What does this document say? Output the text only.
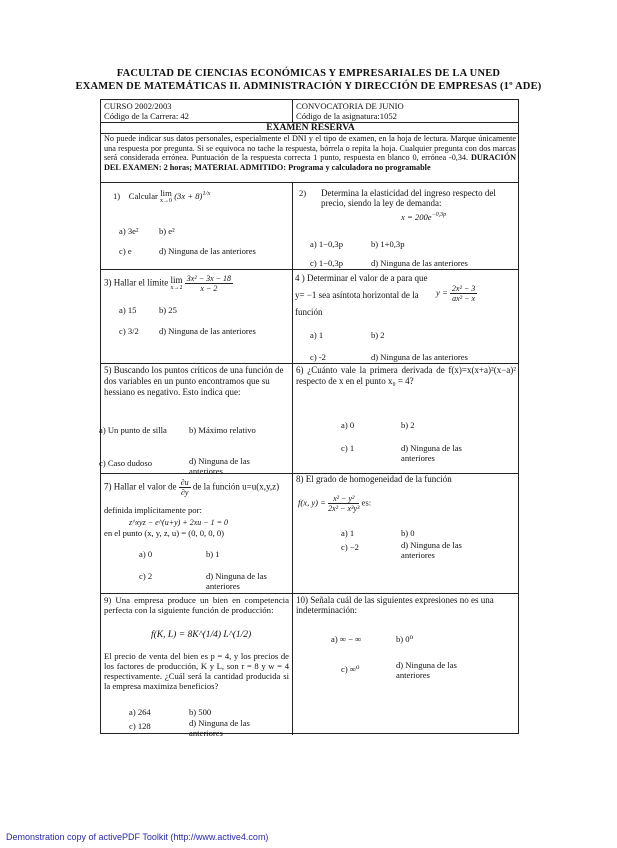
FACULTAD DE CIENCIAS ECONÓMICAS Y EMPRESARIALES DE LA UNED
EXAMEN DE MATEMÁTICAS II. ADMINISTRACIÓN Y DIRECCIÓN DE EMPRESAS (1º ADE)
CURSO 2002/2003
Código de la Carrera: 42
CONVOCATORIA DE JUNIO
Código de la asignatura:1052
EXAMEN RESERVA
No puede indicar sus datos personales, especialmente el DNI y el tipo de examen, en la hoja de lectura. Marque únicamente una respuesta por pregunta. Si se equivoca no tache la respuesta, bórrela o repita la hoja. Cualquier pregunta con dos marcas será considerada errónea. Puntuación de la respuesta correcta 1 punto, respuesta en blanco 0, errónea -0,34. DURACIÓN DEL EXAMEN: 2 horas; MATERIAL ADMITIDO: Programa y calculadora no programable
1) Calcular lim
x→0
$(3x + 8)^{1/x}$
a) 3e² b) e²
c) e	d) Ninguna de las anteriores
2) Determina la elasticidad del ingreso respecto del precio, siendo la ley de demanda:
$x = 200e^{-0,3p}$
a) 1−0,3p	b) 1+0,3p
c) 1−0,3p	d) Ninguna de las anteriores
3) Hallar el límite lim
x→2
$\frac{\text{3x² − 3x − 18}}{x - 2}$
a) 15	b) 25
c) 3/2 d) Ninguna de las anteriores
4 ) Determinar el valor de a para que y= −1 sea asíntota horizontal de la función
$y = \frac{\text{2x² − 3}}{\text{ax² − x}}$
a) 1	b) 2
c) -2	d) Ninguna de las anteriores
5) Buscando los puntos críticos de una función de dos variables en un punto encontramos que su hessiano es negativo. Esto indica que:
a) Un punto de silla	b) Máximo relativo
c) Caso dudoso	d) Ninguna de las anteriores
6) ¿Cuánto vale la primera derivada de f(x)=x(x+a)²(x−a)² respecto de x en el punto x₀ = 4?
a) 0	b) 2
c) 1	d) Ninguna de las anteriores
7) Hallar el valor de $\frac{\partial u}{\partial y}$ de la función u=u(x,y,z)
definida implícitamente por:
z^xyz − e^(u+y) + 2xu − 1 = 0
en el punto (x, y, z, u) = (0, 0, 0, 0)
a) 0	b) 1
c) 2	d) Ninguna de las anteriores
8) El grado de homogeneidad de la función
f(x, $y) = \frac{\text{x² − y²}}{\text{2x² − x³y³}}$ es:
a) 1	b) 0
c) −2	d) Ninguna de las anteriores
9) Una empresa produce un bien en competencia perfecta con la siguiente función de producción:
f(K, L) = 8K^(1/4) L^(1/2)
El precio de venta del bien es p = 4, y los precios de los factores de producción, K y L, son r = 8 y w = 4 respectivamente. ¿Cuál será la cantidad producida si la empresa maximiza beneficios?
a) 264	b) 500
c) 128	d) Ninguna de las anteriores
10) Señala cuál de las siguientes expresiones no es una indeterminación:
a) ∞ − ∞	b) 0⁰
c) ∞⁰	d) Ninguna de las anteriores
Demonstration copy of activePDF Toolkit (http://www.active4.com)
